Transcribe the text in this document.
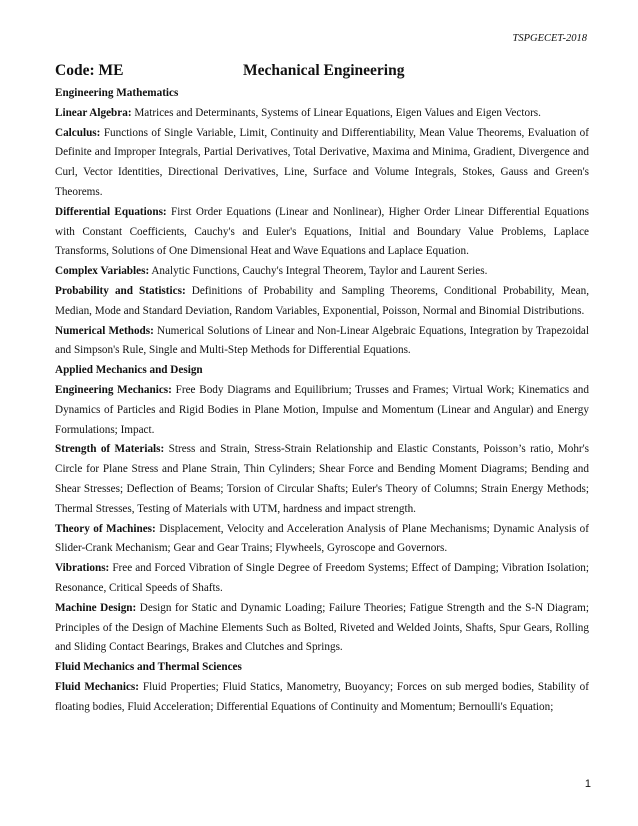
TSPGECET-2018
Code: ME	Mechanical Engineering

Engineering Mathematics

Linear Algebra: Matrices and Determinants, Systems of Linear Equations, Eigen Values and Eigen Vectors.

Calculus: Functions of Single Variable, Limit, Continuity and Differentiability, Mean Value Theorems, Evaluation of Definite and Improper Integrals, Partial Derivatives, Total Derivative, Maxima and Minima, Gradient, Divergence and Curl, Vector Identities, Directional Derivatives, Line, Surface and Volume Integrals, Stokes, Gauss and Green's Theorems.

Differential Equations: First Order Equations (Linear and Nonlinear), Higher Order Linear Differential Equations with Constant Coefficients, Cauchy's and Euler's Equations, Initial and Boundary Value Problems, Laplace Transforms, Solutions of One Dimensional Heat and Wave Equations and Laplace Equation.

Complex Variables: Analytic Functions, Cauchy's Integral Theorem, Taylor and Laurent Series.

Probability and Statistics: Definitions of Probability and Sampling Theorems, Conditional Probability, Mean, Median, Mode and Standard Deviation, Random Variables, Exponential, Poisson, Normal and Binomial Distributions.

Numerical Methods: Numerical Solutions of Linear and Non-Linear Algebraic Equations, Integration by Trapezoidal and Simpson's Rule, Single and Multi-Step Methods for Differential Equations.

Applied Mechanics and Design

Engineering Mechanics: Free Body Diagrams and Equilibrium; Trusses and Frames; Virtual Work; Kinematics and Dynamics of Particles and Rigid Bodies in Plane Motion, Impulse and Momentum (Linear and Angular) and Energy Formulations; Impact.

Strength of Materials: Stress and Strain, Stress-Strain Relationship and Elastic Constants, Poisson’s ratio, Mohr's Circle for Plane Stress and Plane Strain, Thin Cylinders; Shear Force and Bending Moment Diagrams; Bending and Shear Stresses; Deflection of Beams; Torsion of Circular Shafts; Euler's Theory of Columns; Strain Energy Methods; Thermal Stresses, Testing of Materials with UTM, hardness and impact strength.

Theory of Machines: Displacement, Velocity and Acceleration Analysis of Plane Mechanisms; Dynamic Analysis of Slider-Crank Mechanism; Gear and Gear Trains; Flywheels, Gyroscope and Governors.

Vibrations: Free and Forced Vibration of Single Degree of Freedom Systems; Effect of Damping; Vibration Isolation; Resonance, Critical Speeds of Shafts.

Machine Design: Design for Static and Dynamic Loading; Failure Theories; Fatigue Strength and the S-N Diagram; Principles of the Design of Machine Elements Such as Bolted, Riveted and Welded Joints, Shafts, Spur Gears, Rolling and Sliding Contact Bearings, Brakes and Clutches and Springs.

Fluid Mechanics and Thermal Sciences

Fluid Mechanics: Fluid Properties; Fluid Statics, Manometry, Buoyancy; Forces on sub merged bodies, Stability of floating bodies, Fluid Acceleration; Differential Equations of Continuity and Momentum; Bernoulli's Equation;

1
